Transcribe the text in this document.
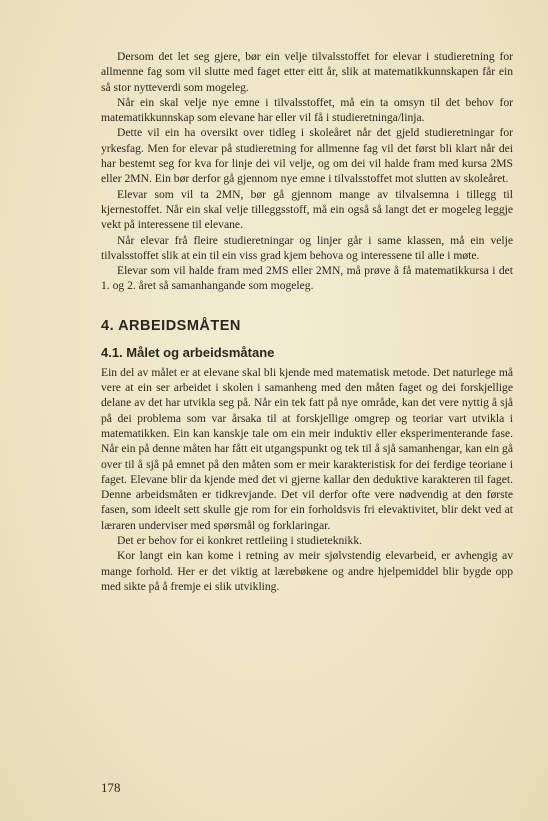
Dersom det let seg gjere, bør ein velje tilvalsstoffet for elevar i studieretning for allmenne fag som vil slutte med faget etter eitt år, slik at matematikkunnskapen får ein så stor nytteverdi som mogeleg.

Når ein skal velje nye emne i tilvalsstoffet, må ein ta omsyn til det behov for matematikkunnskap som elevane har eller vil få i studieretninga/linja.

Dette vil ein ha oversikt over tidleg i skoleåret når det gjeld studieretningar for yrkesfag. Men for elevar på studieretning for allmenne fag vil det først bli klart når dei har bestemt seg for kva for linje dei vil velje, og om dei vil halde fram med kursa 2MS eller 2MN. Ein bør derfor gå gjennom nye emne i tilvalsstoffet mot slutten av skoleåret.

Elevar som vil ta 2MN, bør gå gjennom mange av tilvalsemna i tillegg til kjernestoffet. Når ein skal velje tilleggsstoff, må ein også så langt det er mogeleg leggje vekt på interessene til elevane.

Når elevar frå fleire studieretningar og linjer går i same klassen, må ein velje tilvalsstoffet slik at ein til ein viss grad kjem behova og interessene til alle i møte.

Elevar som vil halde fram med 2MS eller 2MN, må prøve å få matematikkursa i det 1. og 2. året så samanhangande som mogeleg.

4. ARBEIDSMÅTEN
4.1. Målet og arbeidsmåtane

Ein del av målet er at elevane skal bli kjende med matematisk metode. Det naturlege må vere at ein ser arbeidet i skolen i samanheng med den måten faget og dei forskjellige delane av det har utvikla seg på. Når ein tek fatt på nye område, kan det vere nyttig å sjå på dei problema som var årsaka til at forskjellige omgrep og teoriar vart utvikla i matematikken. Ein kan kanskje tale om ein meir induktiv eller eksperimenterande fase. Når ein på denne måten har fått eit utgangspunkt og tek til å sjå samanhengar, kan ein gå over til å sjå på emnet på den måten som er meir karakteristisk for dei ferdige teoriane i faget. Elevane blir da kjende med det vi gjerne kallar den deduktive karakteren til faget. Denne arbeidsmåten er tidkrevjande. Det vil derfor ofte vere nødvendig at den første fasen, som ideelt sett skulle gje rom for ein forholdsvis fri elevaktivitet, blir dekt ved at læraren underviser med spørsmål og forklaringar.

Det er behov for ei konkret rettleiing i studieteknikk.

Kor langt ein kan kome i retning av meir sjølvstendig elevarbeid, er avhengig av mange forhold. Her er det viktig at lærebøkene og andre hjelpemiddel blir bygde opp med sikte på å fremje ei slik utvikling.

178
